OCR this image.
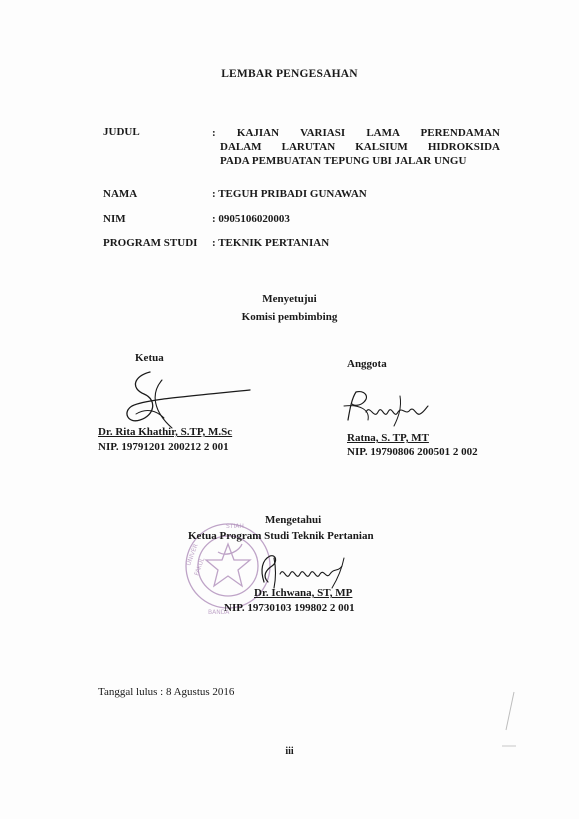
LEMBAR PENGESAHAN
JUDUL	: KAJIAN VARIASI LAMA PERENDAMAN
DALAM LARUTAN KALSIUM HIDROKSIDA
PADA PEMBUATAN TEPUNG UBI JALAR UNGU
NAMA	: TEGUH PRIBADI GUNAWAN
NIM	: 0905106020003
PROGRAM STUDI : TEKNIK PERTANIAN
Menyetujui
Komisi pembimbing
Ketua
Dr. Rita Khathir, S.TP, M.Sc
NIP. 19791201 200212 2 001
Anggota
Ratna, S. TP, MT
NIP. 19790806 200501 2 002
STIAH
UNIVER
FAKUL
BANDA
Mengetahui
Ketua Program Studi Teknik Pertanian
Dr. Ichwana, ST, MP
NIP. 19730103 199802 2 001
Tanggal lulus : 8 Agustus 2016
iii
